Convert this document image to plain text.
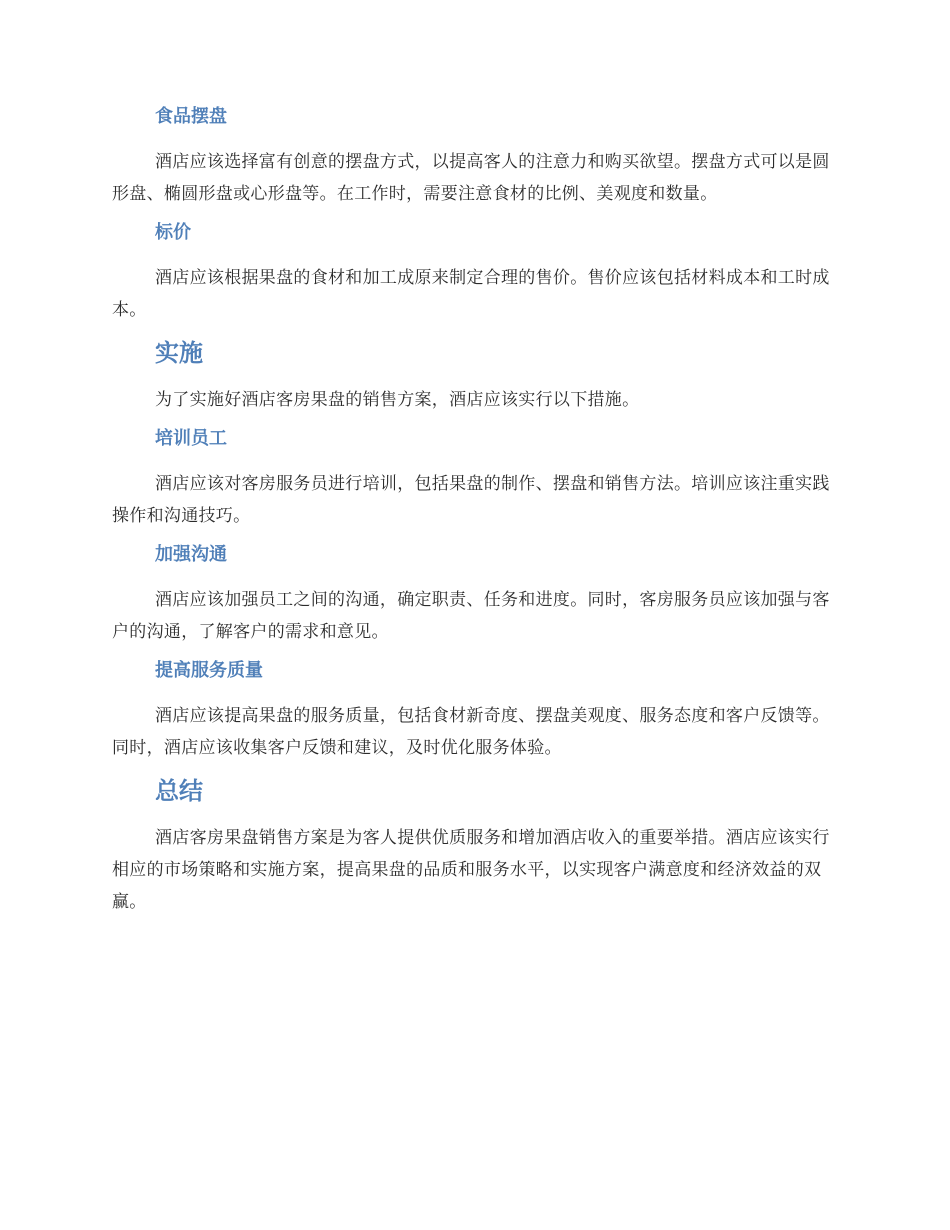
食品摆盘
酒店应该选择富有创意的摆盘方式，以提高客人的注意力和购买欲望。摆盘方式可以是圆形盘、椭圆形盘或心形盘等。在工作时，需要注意食材的比例、美观度和数量。
标价
酒店应该根据果盘的食材和加工成原来制定合理的售价。售价应该包括材料成本和工时成本。
实施
为了实施好酒店客房果盘的销售方案，酒店应该实行以下措施。
培训员工
酒店应该对客房服务员进行培训，包括果盘的制作、摆盘和销售方法。培训应该注重实践操作和沟通技巧。
加强沟通
酒店应该加强员工之间的沟通，确定职责、任务和进度。同时，客房服务员应该加强与客户的沟通，了解客户的需求和意见。
提高服务质量
酒店应该提高果盘的服务质量，包括食材新奇度、摆盘美观度、服务态度和客户反馈等。同时，酒店应该收集客户反馈和建议，及时优化服务体验。
总结
酒店客房果盘销售方案是为客人提供优质服务和增加酒店收入的重要举措。酒店应该实行相应的市场策略和实施方案，提高果盘的品质和服务水平，以实现客户满意度和经济效益的双赢。
